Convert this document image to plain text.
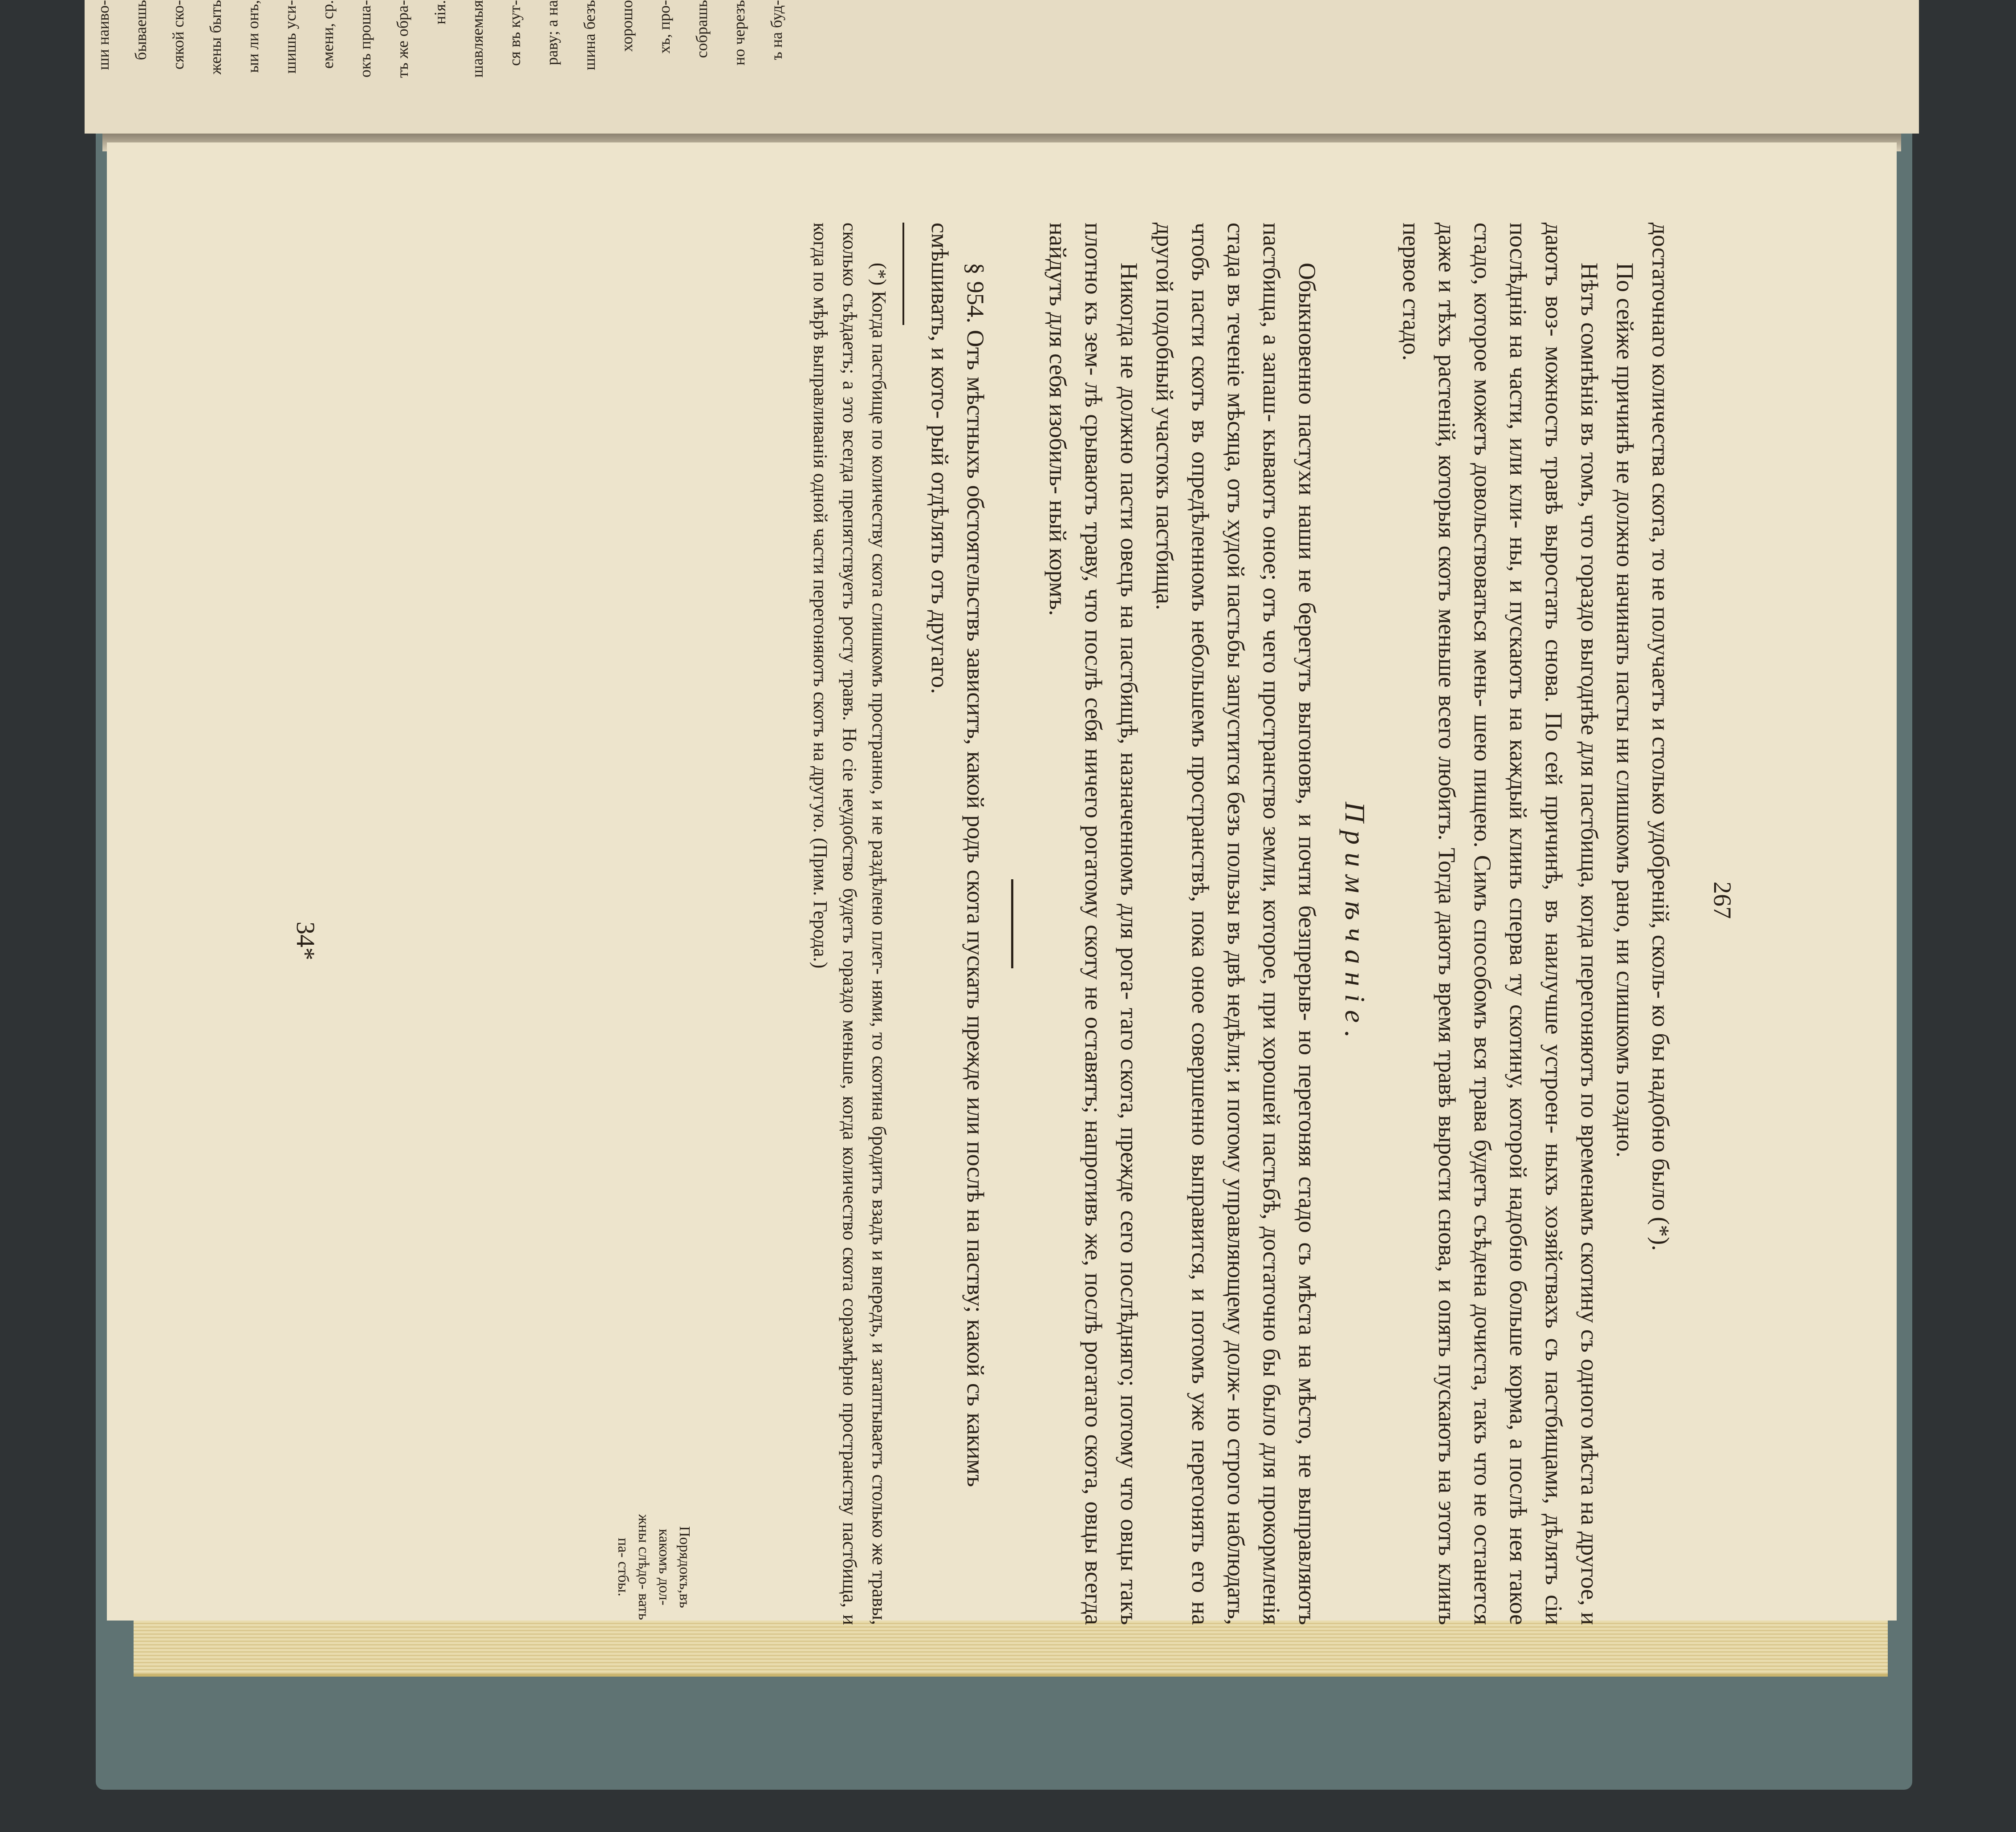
ши наиво-	бываешь	сякой ско-	жены быть	ыи ли онъ,	шишь уси-	емени, ср.	окъ проша-	тъ же обра-	нія.	шавляемыя	ся въ кут-	раву; а на	шина безъ	хорошо	хъ, про-	собрашь	но черезъ	ъ на буд-
267

достаточнаго количества скота, то не получаетъ и столько удобреній, сколь- ко бы надобно было (*).

По сейже причинѣ не должно начинать пасты ни слишкомъ рано, ни слишкомъ поздно.

Нѣтъ сомнѣнія въ томъ, что гораздо выгоднѣе для пастбища, когда перегоняютъ по временамъ скотину съ одного мѣста на другое, и даютъ воз- можность травѣ выростать снова. По сей причинѣ, въ наилучше устроен- ныхъ хозяйствахъ съ пастбищами, дѣлятъ сіи послѣднія на части, или кли- ны, и пускаютъ на каждый клинъ сперва ту скотину, которой надобно больше корма, а послѣ нея такое стадо, которое можетъ довольствоваться мень- шею пищею. Симъ способомъ вся трава будетъ съѣдена дочиста, такъ что не останется даже и тѣхъ растеній, которыя скотъ меньше всего любитъ. Тогда даютъ время травѣ вырости снова, и опять пускаютъ на этотъ клинъ первое стадо.

Примѣчаніе.

Обыкновенно пастухи наши не берегутъ выгоновъ, и почти безпрерыв- но перегоняя стадо съ мѣста на мѣсто, не выправляютъ пастбища, а запаш- кываютъ оное; отъ чего пространство земли, которое, при хорошей пастьбѣ, достаточно бы было для прокормленія стада въ теченіе мѣсяца, отъ худой пастьбы запустится безъ пользы въ двѣ недѣли; и потому управляющему долж- но строго наблюдать, чтобъ пасти скотъ въ опредѣленномъ небольшемъ пространствѣ, пока оное совершенно выправится, и потомъ уже перегонять его на другой подобный участокъ пастбища.

Никогда не должно пасти овецъ на пастбищѣ, назначенномъ для рога- таго скота, прежде сего послѣдняго; потому что овцы такъ плотно къ зем- лѣ срываютъ траву, что послѣ себя ничего рогатому скоту не оставятъ; напротивъ же, послѣ рогатаго скота, овцы всегда найдутъ для себя изобиль- ный кормъ.

§ 954. Отъ мѣстныхъ обстоятельствъ зависитъ, какой родъ скота пускать прежде или послѣ на паству; какой съ какимъ смѣшивать, и кото- рый отдѣлять отъ другаго.

Порядокъ,въ какомъ дол- жны слѣдо- вать па- стбы.	(*) Когда пастбище по количеству скота слишкомъ пространно, и не раздѣлено плет- нями, то скотина бродитъ взадъ и впередъ, и затаптываетъ столько же травы, сколько съѣдаетъ; а это всегда препятствуетъ росту травъ. Но сіе неудобство будетъ гораздо меньше, когда количество скота соразмѣрно пространству пастбища, и когда по мѣрѣ выправливанія одной части перегоняютъ скотъ на другую. (Прим. Герода.)

34*
